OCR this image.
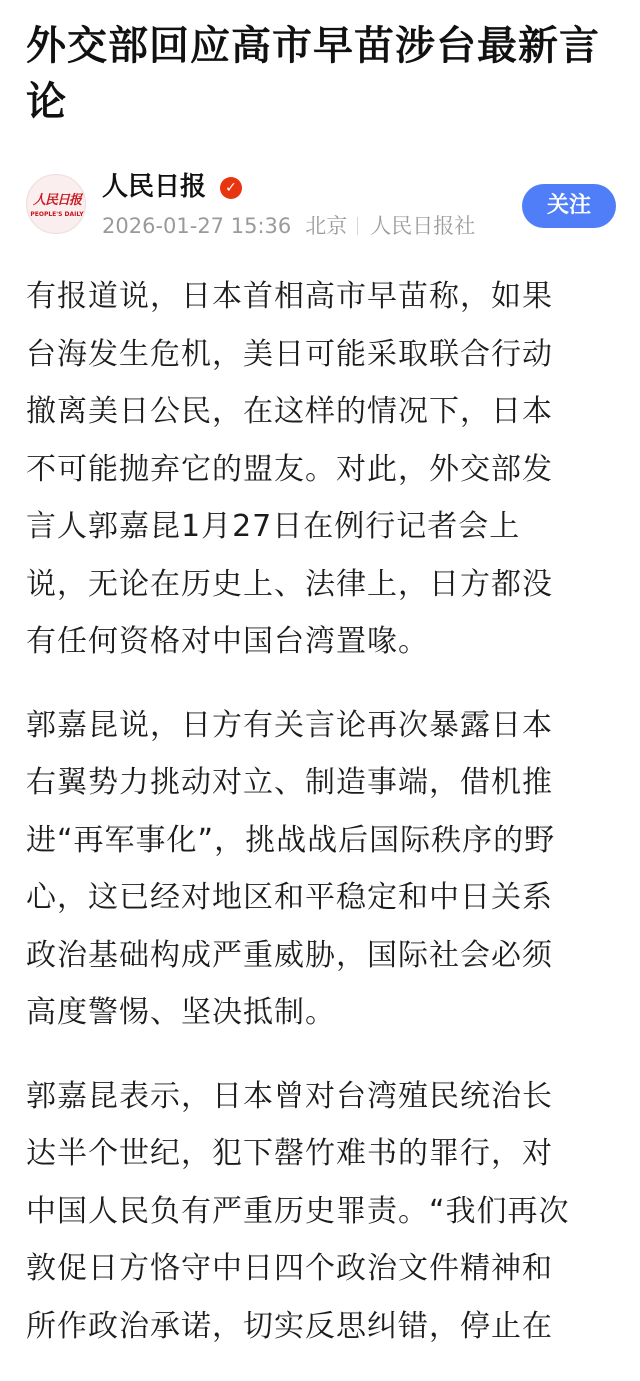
外交部回应高市早苗涉台最新言
论
人民日报
PEOPLE'S DAILY
人民日报	✓
2026-01-27 15:36 北京 人民日报社
关注

有报道说，日本首相高市早苗称，如果
台海发生危机，美日可能采取联合行动
撤离美日公民，在这样的情况下，日本
不可能抛弃它的盟友。对此，外交部发
言人郭嘉昆1月27日在例行记者会上
说，无论在历史上、法律上，日方都没
有任何资格对中国台湾置喙。

郭嘉昆说，日方有关言论再次暴露日本
右翼势力挑动对立、制造事端，借机推
进“再军事化”，挑战战后国际秩序的野
心，这已经对地区和平稳定和中日关系
政治基础构成严重威胁，国际社会必须
高度警惕、坚决抵制。

郭嘉昆表示，日本曾对台湾殖民统治长
达半个世纪，犯下罄竹难书的罪行，对
中国人民负有严重历史罪责。“我们再次
敦促日方恪守中日四个政治文件精神和
所作政治承诺，切实反思纠错，停止在
